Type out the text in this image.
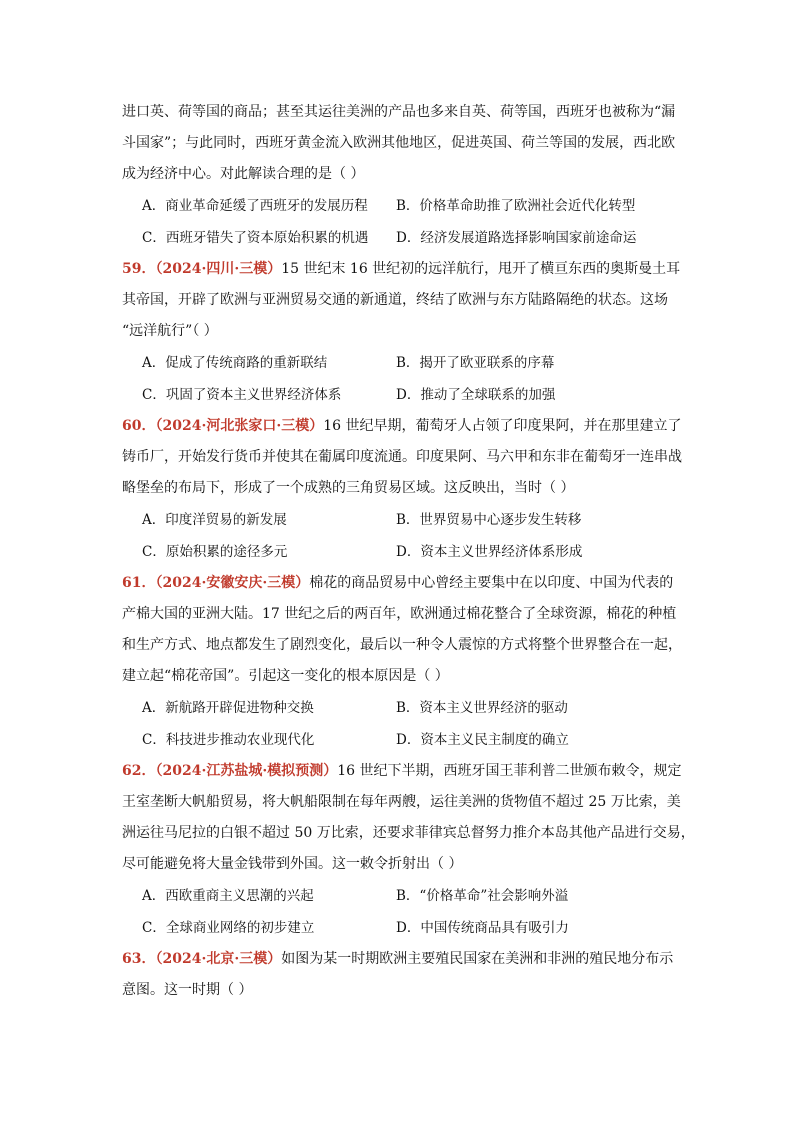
进口英、荷等国的商品；甚至其运往美洲的产品也多来自英、荷等国，西班牙也被称为“漏
斗国家”；与此同时，西班牙黄金流入欧洲其他地区，促进英国、荷兰等国的发展，西北欧
成为经济中心。对此解读合理的是（ ）
A．商业革命延缓了西班牙的发展历程 B．价格革命助推了欧洲社会近代化转型
C．西班牙错失了资本原始积累的机遇 D．经济发展道路选择影响国家前途命运
59．（2024·四川·三模）15 世纪末 16 世纪初的远洋航行，甩开了横亘东西的奥斯曼土耳
其帝国，开辟了欧洲与亚洲贸易交通的新通道，终结了欧洲与东方陆路隔绝的状态。这场
“远洋航行”（ ）
A．促成了传统商路的重新联结	B．揭开了欧亚联系的序幕
C．巩固了资本主义世界经济体系	D．推动了全球联系的加强
60．（2024·河北张家口·三模）16 世纪早期，葡萄牙人占领了印度果阿，并在那里建立了
铸币厂，开始发行货币并使其在葡属印度流通。印度果阿、马六甲和东非在葡萄牙一连串战
略堡垒的布局下，形成了一个成熟的三角贸易区域。这反映出，当时（ ）
A．印度洋贸易的新发展	B．世界贸易中心逐步发生转移
C．原始积累的途径多元	D．资本主义世界经济体系形成
61．（2024·安徽安庆·三模）棉花的商品贸易中心曾经主要集中在以印度、中国为代表的
产棉大国的亚洲大陆。17 世纪之后的两百年，欧洲通过棉花整合了全球资源，棉花的种植
和生产方式、地点都发生了剧烈变化，最后以一种令人震惊的方式将整个世界整合在一起，
建立起“棉花帝国”。引起这一变化的根本原因是（ ）
A．新航路开辟促进物种交换	B．资本主义世界经济的驱动
C．科技进步推动农业现代化	D．资本主义民主制度的确立
62．（2024·江苏盐城·模拟预测）16 世纪下半期，西班牙国王菲利普二世颁布敕令，规定
王室垄断大帆船贸易，将大帆船限制在每年两艘，运往美洲的货物值不超过 25 万比索，美
洲运往马尼拉的白银不超过 50 万比索，还要求菲律宾总督努力推介本岛其他产品进行交易，
尽可能避免将大量金钱带到外国。这一敕令折射出（ ）
A．西欧重商主义思潮的兴起	B．“价格革命”社会影响外溢
C．全球商业网络的初步建立	D．中国传统商品具有吸引力
63．（2024·北京·三模）如图为某一时期欧洲主要殖民国家在美洲和非洲的殖民地分布示
意图。这一时期（ ）
